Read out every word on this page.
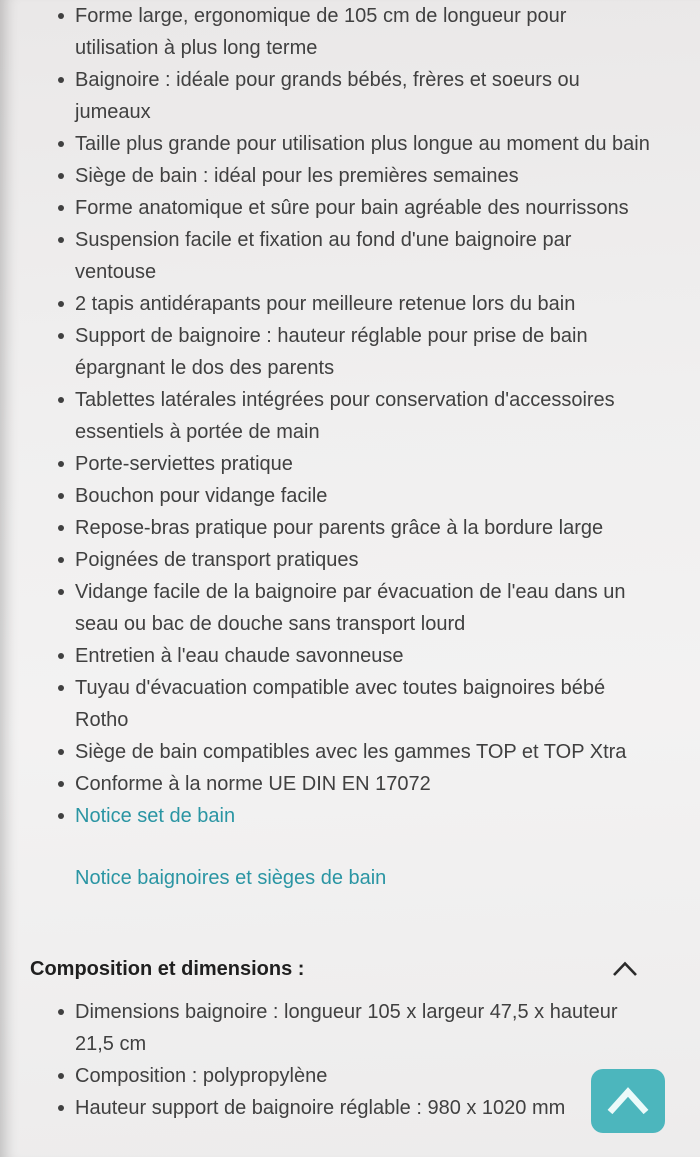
Forme large, ergonomique de 105 cm de longueur pour utilisation à plus long terme
Baignoire : idéale pour grands bébés, frères et soeurs ou jumeaux
Taille plus grande pour utilisation plus longue au moment du bain
Siège de bain : idéal pour les premières semaines
Forme anatomique et sûre pour bain agréable des nourrissons
Suspension facile et fixation au fond d'une baignoire par ventouse
2 tapis antidérapants pour meilleure retenue lors du bain
Support de baignoire : hauteur réglable pour prise de bain épargnant le dos des parents
Tablettes latérales intégrées pour conservation d'accessoires essentiels à portée de main
Porte-serviettes pratique
Bouchon pour vidange facile
Repose-bras pratique pour parents grâce à la bordure large
Poignées de transport pratiques
Vidange facile de la baignoire par évacuation de l'eau dans un seau ou bac de douche sans transport lourd
Entretien à l'eau chaude savonneuse
Tuyau d'évacuation compatible avec toutes baignoires bébé Rotho
Siège de bain compatibles avec les gammes TOP et TOP Xtra
Conforme à la norme UE DIN EN 17072
Notice set de bain
Notice baignoires et sièges de bain
Composition et dimensions :
Dimensions baignoire : longueur 105 x largeur 47,5 x hauteur 21,5 cm
Composition : polypropylène
Hauteur support de baignoire réglable : 980 x 1020 mm
